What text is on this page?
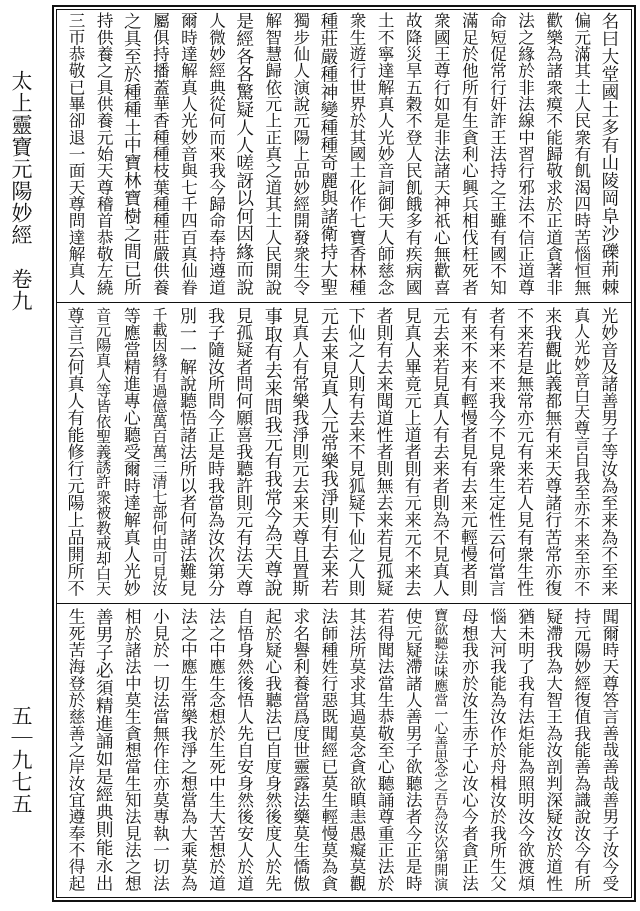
太上靈寶元陽妙經　卷九
五｜九七五
名曰大堂國土多有山陵岡阜沙礫荊棘
偏元滿其土人民衆有飢渴四時苦惱恒無
歡樂為諸衆瘼不能歸敬求於正道貪著非
法之緣於非法線中習行邪法不信正道尊
命短促常行奸詐王法持之王雖有國不知
滿足於他所有生貪利心興兵相伐枉死者
衆國王尊行如是非法諸天神祇心無歡喜
故降災旱五穀不登人民飢餓多有疾病國
土不寧達解真人光妙音詞御天人師慈念
衆生遊行世界於其國土化作七寶香林種
種莊嚴種神變種種奇麗與諸衛持大聖
獨步仙人演說元陽上品妙經開發衆生令
解智慧歸依元上正真之道其土人民開說
是經各各驚疑人人嗟訝以何因緣而說
人微妙經典從何而來我今歸命奉持遵道
爾時達解真人光妙音與七千四百真仙眷
屬俱持播蓋華香種種枝葉種種莊嚴供養
之具至於種種土中寶林寶樹之間已所
持供養之具供養元始天尊稽首恭敬左繞
三帀恭敬已畢卻退一面天尊問達解真人
光妙音及諸善男子等汝為至来為不至来
真人光妙音白天尊言自我至亦不来至亦不
来我觀此義都無有来天尊諸行苦常亦復
不来若是無常亦元有来若人見有衆生性
者有来不来我今不見衆生定性云何當言
有来不来有輕慢者見有去来元輕慢者則
元去来若見真人有去来者則為不見真人
見真人畢竟元上道者則有元来元不来去
者則有去来聞道性者則無去来若見孤疑
下仙之人則有去来不見狐疑下仙之人則
元去来見真人元常樂我淨則有去来若
見真人有常樂我淨則元去来天尊且置斯
事取有去来問我元有我常今為天尊說
見孤疑者問何願喜我聽許則元有法天尊
我子隨汝所問今正是時我當為汝次第分
別一一解說聽悟諸法所以者何諸法難見
千載因緣有過億萬百萬三清七部何由可見汝
等應當精進專心聽受爾時達解真人光妙
音元陽真人等皆依聖義誘許衆被教戒却白天
尊言云何真人有能修行元陽上品開所不
聞爾時天尊答言善哉善哉善男子汝今受
持元陽妙經復值我能善為識說汝今有所
疑滯我為大智王為汝剖判深疑汝於道性
猶未明了我有法炬能為照明汝今欲渡煩
惱大河我能為汝作於舟楫汝於我所生父
母想我亦於汝生赤子心汝心今者貪正法
寶欲聽法味應當一心善思念之吾為汝次第開演
使元疑滯諸人善男子欲聽法者今正是時
若得聞法當生恭敬至心聽誦尊重正法於
其法所莫求其過莫念貪欲瞋恚愚癡莫觀
法師種姓行惡既聞經已莫生輕慢莫為貪
求名譽利養當爲度世靈露法藥莫生憍傲
起於疑心我聽法已自度身然後度人於先
自悟身然後悟人先自安身然後安人於道
法之中應生念想於生死中生大苦想於道
法之中應生常樂我淨之想當為大乘莫為
小見於一切法當無作住亦莫專執一切法
相於諸法中莫生貪想當生知法見法之想
善男子必須精進誦如是經典則能永出
生死苦海登於慈善之岸汝宜遵奉不得起
